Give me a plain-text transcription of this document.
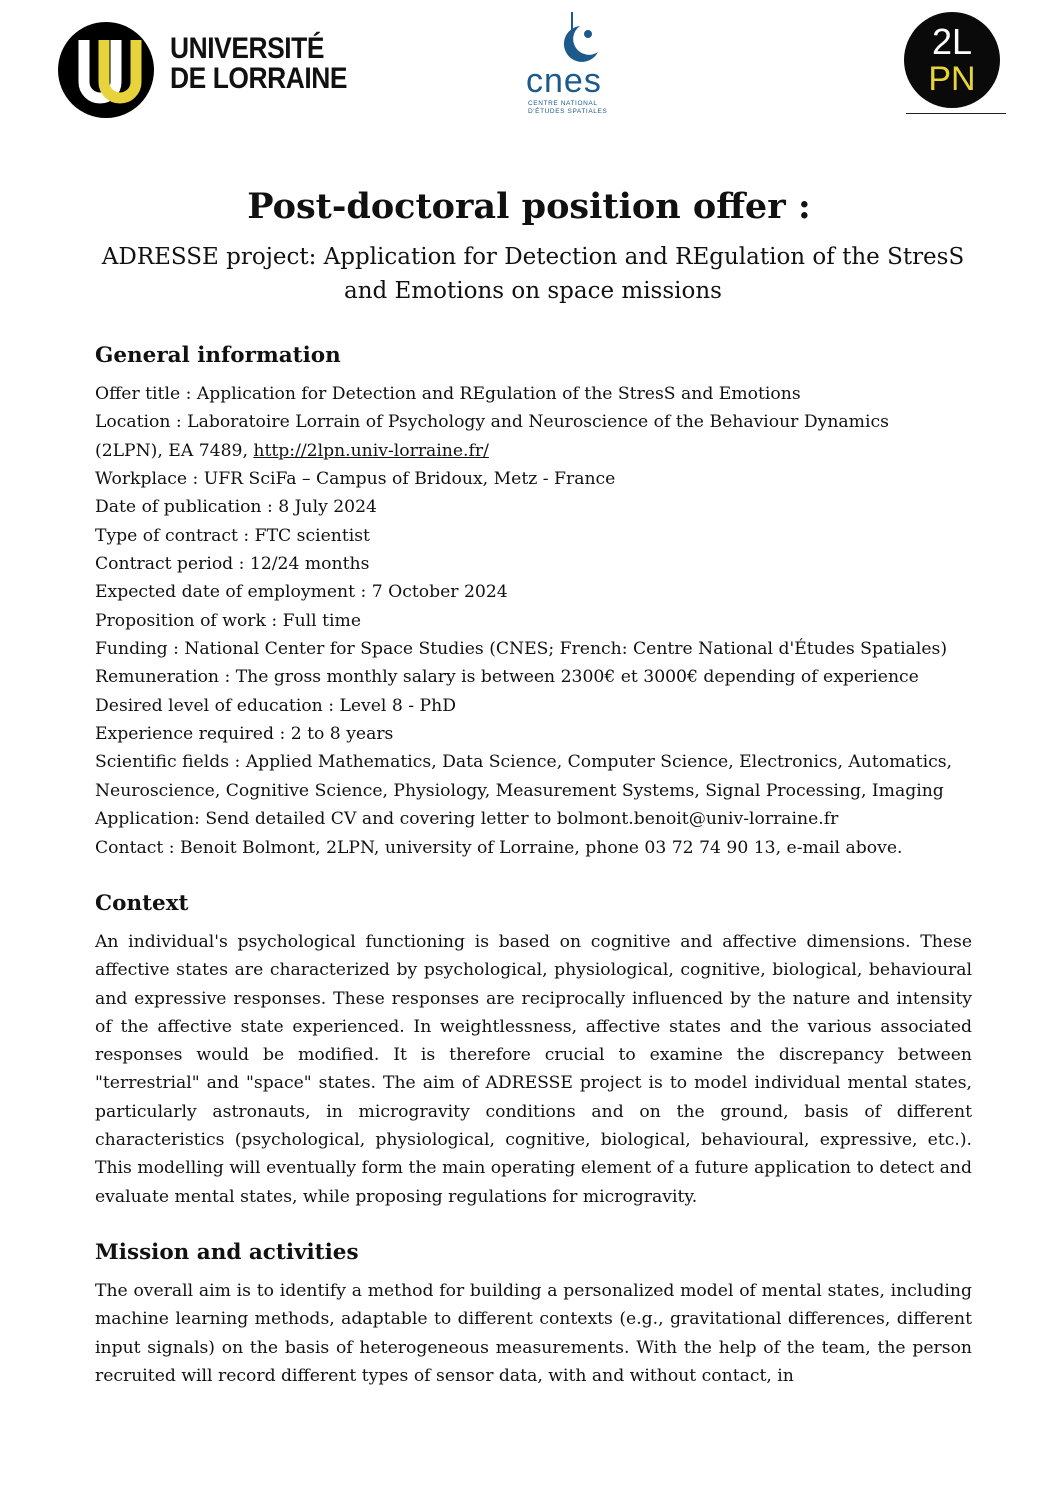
UNIVERSITÉ
DE LORRAINE	cnes
CENTRE NATIONAL
D'ÉTUDES SPATIALES
2L
PN
Post-doctoral position offer :
ADRESSE project: Application for Detection and REgulation of the StresS and Emotions on space missions
General information
Offer title : Application for Detection and REgulation of the StresS and Emotions
Location : Laboratoire Lorrain of Psychology and Neuroscience of the Behaviour Dynamics
(2LPN), EA 7489, http://2lpn.univ-lorraine.fr/
Workplace : UFR SciFa – Campus of Bridoux, Metz - France
Date of publication : 8 July 2024
Type of contract : FTC scientist
Contract period : 12/24 months
Expected date of employment : 7 October 2024
Proposition of work : Full time
Funding : National Center for Space Studies (CNES; French: Centre National d'Études Spatiales)
Remuneration : The gross monthly salary is between 2300€ et 3000€ depending of experience
Desired level of education : Level 8 - PhD
Experience required : 2 to 8 years
Scientific fields : Applied Mathematics, Data Science, Computer Science, Electronics, Automatics,
Neuroscience, Cognitive Science, Physiology, Measurement Systems, Signal Processing, Imaging
Application: Send detailed CV and covering letter to bolmont.benoit@univ-lorraine.fr
Contact : Benoit Bolmont, 2LPN, university of Lorraine, phone 03 72 74 90 13, e-mail above.
Context
An individual's psychological functioning is based on cognitive and affective dimensions. These affective states are characterized by psychological, physiological, cognitive, biological, behavioural and expressive responses. These responses are reciprocally influenced by the nature and intensity of the affective state experienced. In weightlessness, affective states and the various associated responses would be modified. It is therefore crucial to examine the discrepancy between "terrestrial" and "space" states. The aim of ADRESSE project is to model individual mental states, particularly astronauts, in microgravity conditions and on the ground, basis of different characteristics (psychological, physiological, cognitive, biological, behavioural, expressive, etc.). This modelling will eventually form the main operating element of a future application to detect and evaluate mental states, while proposing regulations for microgravity.
Mission and activities
The overall aim is to identify a method for building a personalized model of mental states, including machine learning methods, adaptable to different contexts (e.g., gravitational differences, different input signals) on the basis of heterogeneous measurements. With the help of the team, the person recruited will record different types of sensor data, with and without contact, in
